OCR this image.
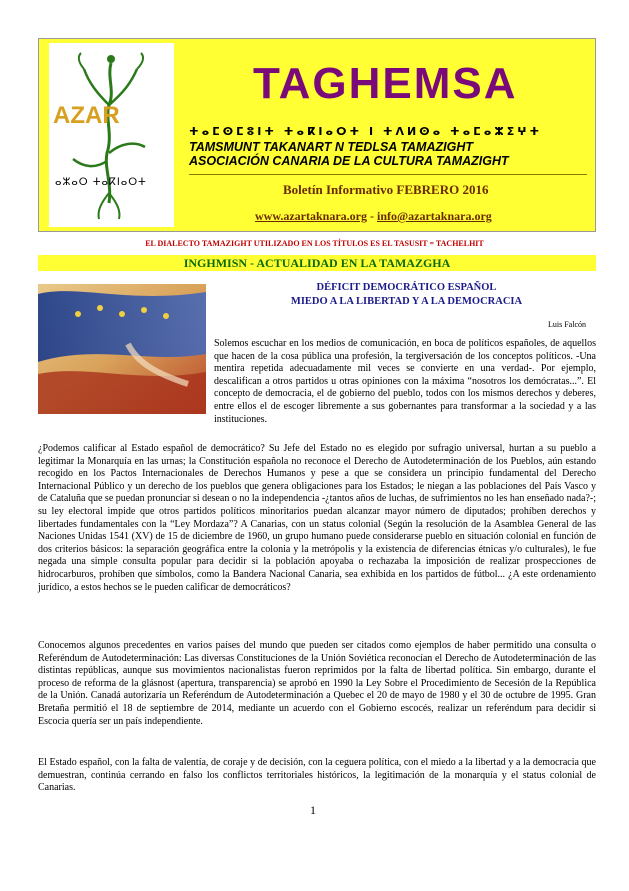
AZAR
ⴰⵣⴰⵔ ⵜⴰⴽⵏⴰⵔⵜ
TAGHEMSA
ⵜⴰⵎⵙⵎⵓⵏⵜ ⵜⴰⴽⵏⴰⵔⵜ ⵏ ⵜⴷⵍⵙⴰ ⵜⴰⵎⴰⵣⵉⵖⵜ
TAMSMUNT TAKANART N TEDLSA TAMAZIGHT
ASOCIACIÓN CANARIA DE LA CULTURA TAMAZIGHT
Boletín Informativo FEBRERO 2016
www.azartaknara.org - info@azartaknara.org
EL DIALECTO TAMAZIGHT UTILIZADO EN LOS TÍTULOS ES EL TASUSIT = TACHELHIT
INGHMISN - ACTUALIDAD EN LA TAMAZGHA
DÉFICIT DEMOCRÁTICO ESPAÑOL
MIEDO A LA LIBERTAD Y A LA DEMOCRACIA
Luis Falcón

Solemos escuchar en los medios de comunicación, en boca de políticos españoles, de aquellos que hacen de la cosa pública una profesión, la tergiversación de los conceptos políticos. -Una mentira repetida adecuadamente mil veces se convierte en una verdad-. Por ejemplo, descalifican a otros partidos u otras opiniones con la máxima “nosotros los demócratas...”. El concepto de democracia, el de gobierno del pueblo, todos con los mismos derechos y deberes, entre ellos el de escoger libremente a sus gobernantes para transformar a la sociedad y a las instituciones.

¿Podemos calificar al Estado español de democrático? Su Jefe del Estado no es elegido por sufragio universal, hurtan a su pueblo a legitimar la Monarquía en las urnas; la Constitución española no reconoce el Derecho de Autodeterminación de los Pueblos, aún estando recogido en los Pactos Internacionales de Derechos Humanos y pese a que se considera un principio fundamental del Derecho Internacional Público y un derecho de los pueblos que genera obligaciones para los Estados; le niegan a las poblaciones del País Vasco y de Cataluña que se puedan pronunciar si desean o no la independencia -¿tantos años de luchas, de sufrimientos no les han enseñado nada?-; su ley electoral impide que otros partidos políticos minoritarios puedan alcanzar mayor número de diputados; prohíben derechos y libertades fundamentales con la “Ley Mordaza”? A Canarias, con un status colonial (Según la resolución de la Asamblea General de las Naciones Unidas 1541 (XV) de 15 de diciembre de 1960, un grupo humano puede considerarse pueblo en situación colonial en función de dos criterios básicos: la separación geográfica entre la colonia y la metrópolis y la existencia de diferencias étnicas y/o culturales), le fue negada una simple consulta popular para decidir si la población apoyaba o rechazaba la imposición de realizar prospecciones de hidrocarburos, prohíben que símbolos, como la Bandera Nacional Canaria, sea exhibida en los partidos de fútbol... ¿A este ordenamiento jurídico, a estos hechos se le pueden calificar de democráticos?

Conocemos algunos precedentes en varios países del mundo que pueden ser citados como ejemplos de haber permitido una consulta o Referéndum de Autodeterminación: Las diversas Constituciones de la Unión Soviética reconocían el Derecho de Autodeterminación de las distintas repúblicas, aunque sus movimientos nacionalistas fueron reprimidos por la falta de libertad política. Sin embargo, durante el proceso de reforma de la glásnost (apertura, transparencia) se aprobó en 1990 la Ley Sobre el Procedimiento de Secesión de la República de la Unión. Canadá autorizaría un Referéndum de Autodeterminación a Quebec el 20 de mayo de 1980 y el 30 de octubre de 1995. Gran Bretaña permitió el 18 de septiembre de 2014, mediante un acuerdo con el Gobierno escocés, realizar un referéndum para decidir si Escocia quería ser un país independiente.

El Estado español, con la falta de valentía, de coraje y de decisión, con la ceguera política, con el miedo a la libertad y a la democracia que demuestran, continúa cerrando en falso los conflictos territoriales históricos, la legitimación de la monarquía y el status colonial de Canarias.

1
